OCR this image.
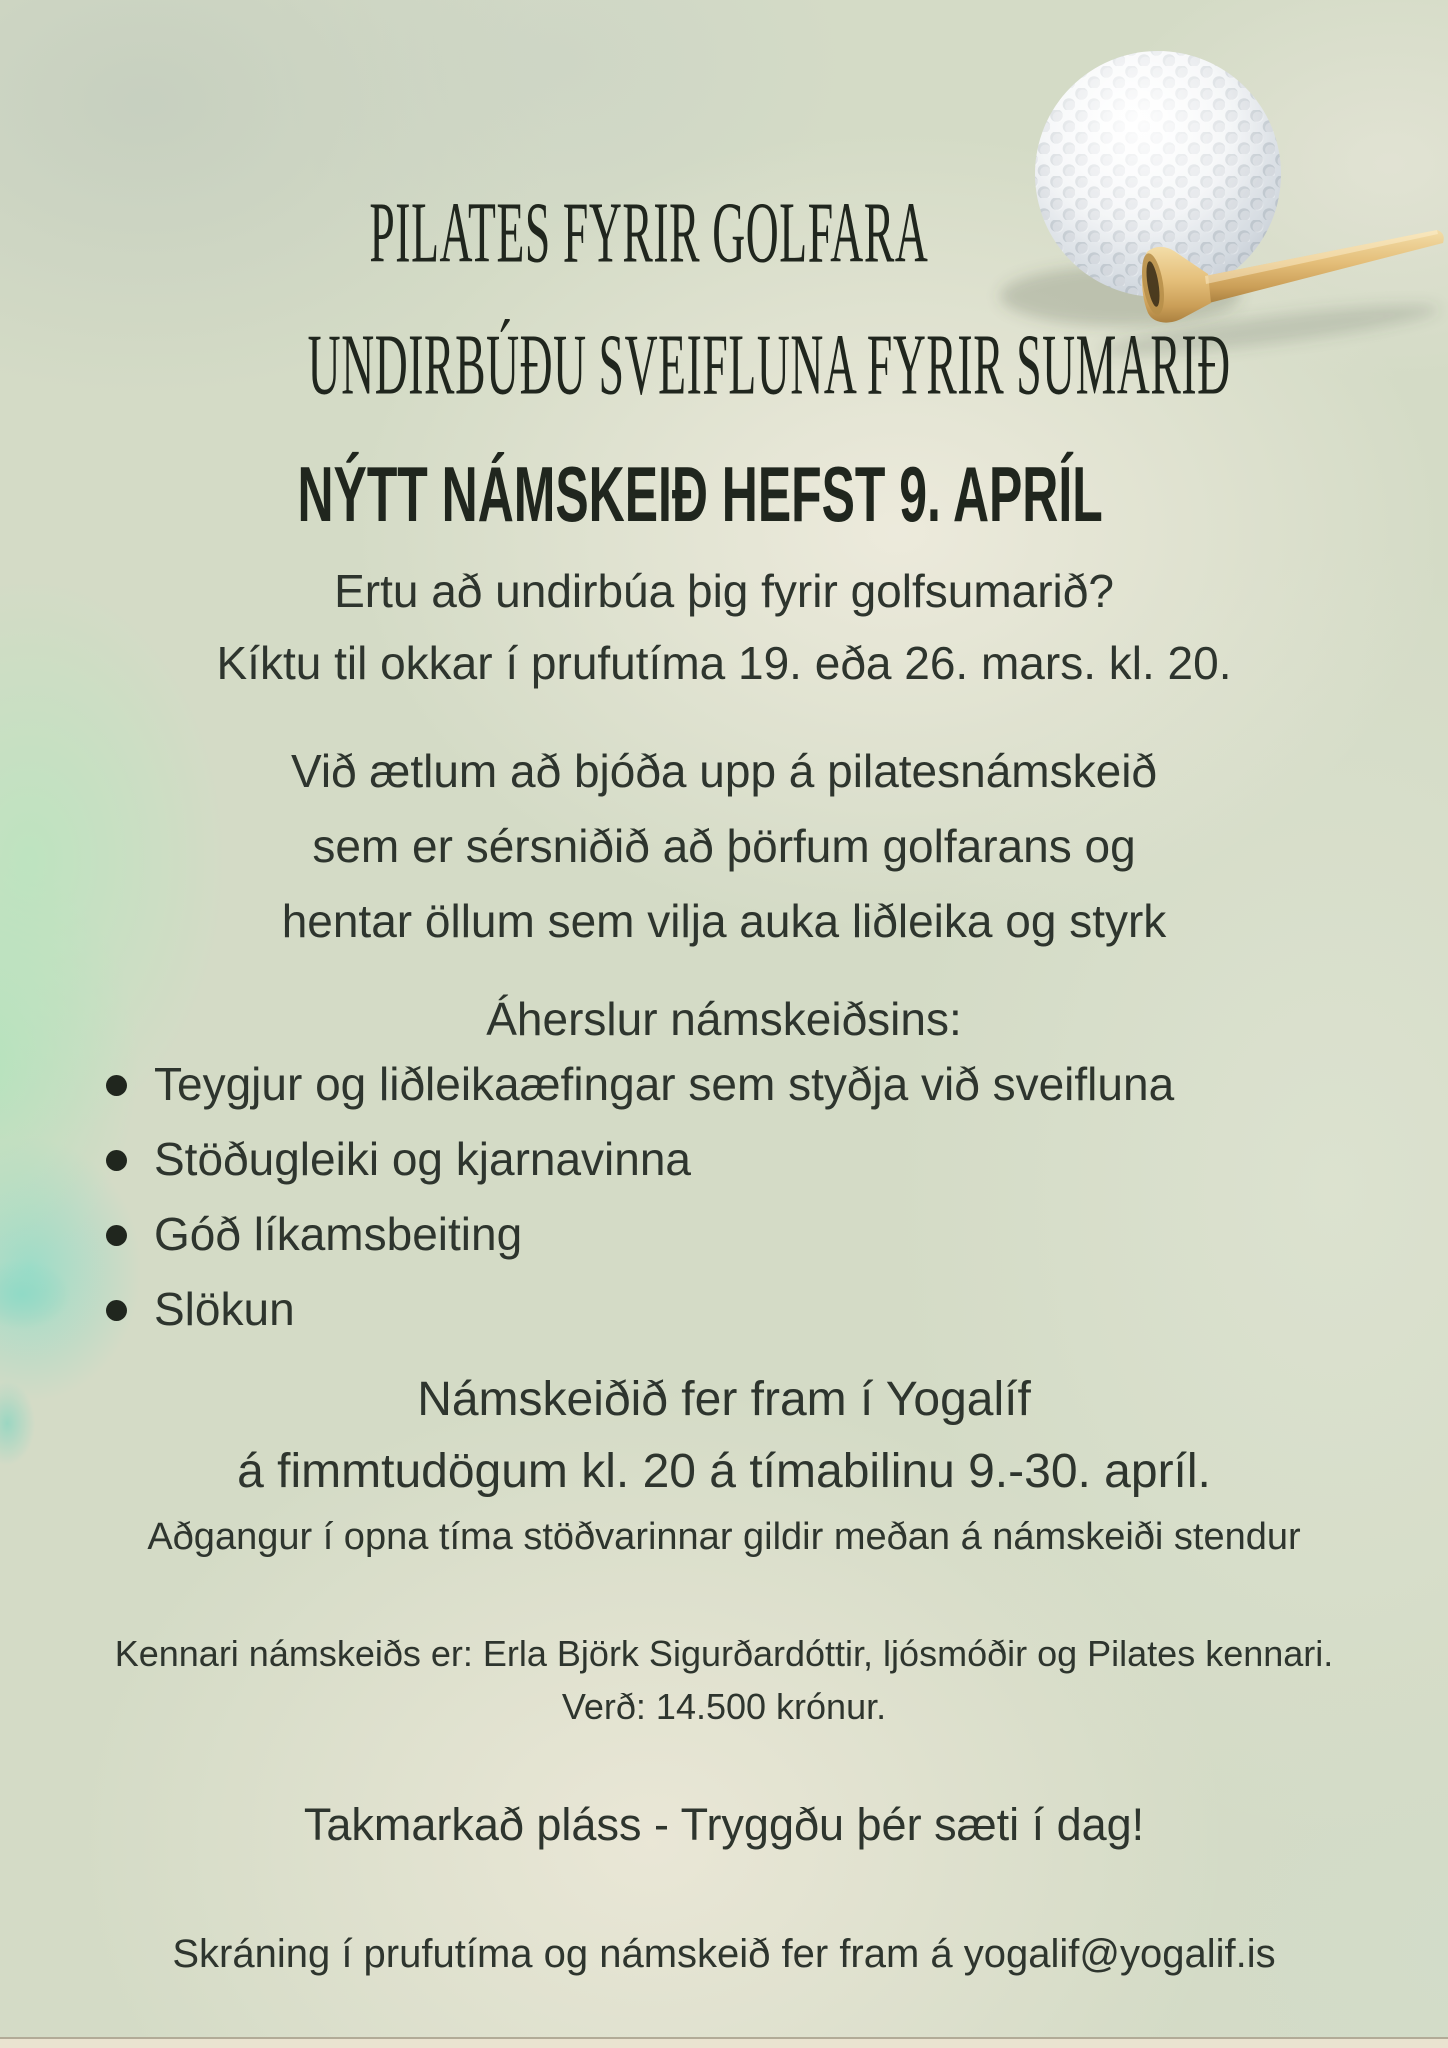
PILATES FYRIR GOLFARA
UNDIRBÚÐU SVEIFLUNA FYRIR SUMARIÐ
NÝTT NÁMSKEIÐ HEFST 9. APRÍL
Ertu að undirbúa þig fyrir golfsumarið?
Kíktu til okkar í prufutíma 19. eða 26. mars. kl. 20.
Við ætlum að bjóða upp á pilatesnámskeið
sem er sérsniðið að þörfum golfarans og
hentar öllum sem vilja auka liðleika og styrk
Áherslur námskeiðsins:
Teygjur og liðleikaæfingar sem styðja við sveifluna
Stöðugleiki og kjarnavinna
Góð líkamsbeiting
Slökun
Námskeiðið fer fram í Yogalíf
á fimmtudögum kl. 20 á tímabilinu 9.-30. apríl.
Aðgangur í opna tíma stöðvarinnar gildir meðan á námskeiði stendur
Kennari námskeiðs er: Erla Björk Sigurðardóttir, ljósmóðir og Pilates kennari.
Verð: 14.500 krónur.
Takmarkað pláss - Tryggðu þér sæti í dag!
Skráning í prufutíma og námskeið fer fram á yogalif@yogalif.is
